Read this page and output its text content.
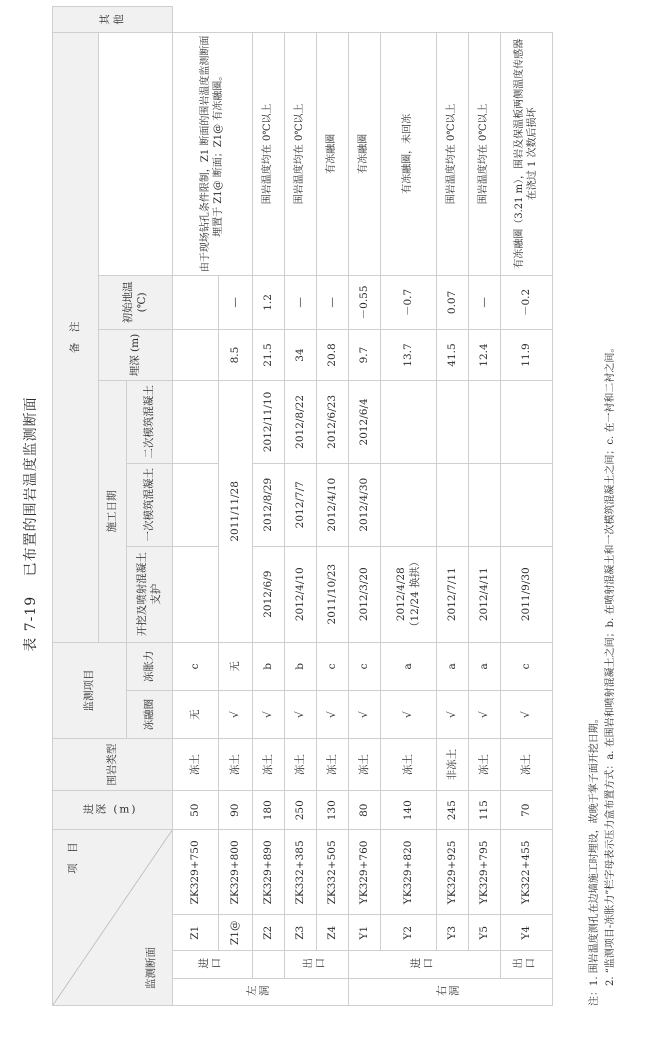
表 7-19 已布置的围岩温度监测断面
项　目
监测断面				进深 (m)	围岩类型	监测项目		备　注						其　他
								施工日期			埋深 (m)	初始地温 (℃)		
						冻融圈	冻胀力	开挖及喷射混凝土支护	一次模筑混凝土	二次模筑混凝土				
左洞	进口	Z1	ZK329+750	50	冻土	无	c						由于现场钻孔条件限制，Z1 断面的围岩温度监测断面埋置于 Z1@ 断面；Z1@ 有冻融圈。	
		Z1@	ZK329+800	90	冻土	√	无	2011/11/28			8.5	—		
		Z2	ZK329+890	180	冻土	√	b	2012/6/9	2012/8/29	2012/11/10	21.5	1.2	围岩温度均在 0℃以上	
	出口	Z3	ZK332+385	250	冻土	√	b	2012/4/10	2012/7/7	2012/8/22	34	—	围岩温度均在 0℃以上	
		Z4	ZK332+505	130	冻土	√	c	2011/10/23	2012/4/10	2012/6/23	20.8	—	有冻融圈	
右洞	进口	Y1	YK329+760	80	冻土	√	c	2012/3/20	2012/4/30	2012/6/4	9.7	－0.55	有冻融圈	
		Y2	YK329+820	140	冻土	√	a	2012/4/28（12/24 换拱）			13.7	－0.7	有冻融圈，未回冻	
		Y3	YK329+925	245	非冻土	√	a	2012/7/11			41.5	0.07	围岩温度均在 0℃以上	
		Y5	YK329+795	115	冻土	√	a	2012/4/11			12.4	—	围岩温度均在 0℃以上	
	出口	Y4	YK322+455	70	冻土	√	c	2011/9/30			11.9	－0.2	有冻融圈（3.21 m），围岩及保温板两侧温度传感器在浇过 1 次数后损坏	
注：1. 围岩温度测孔在边墙施工时埋设，故晚于掌子面开挖日期。 2. “监测项目-冻胀力”栏字母表示压力盒布置方式：a. 在围岩和喷射混凝土之间；b. 在喷射混凝土和一次模筑混凝土之间；c. 在一衬和二衬之间。
